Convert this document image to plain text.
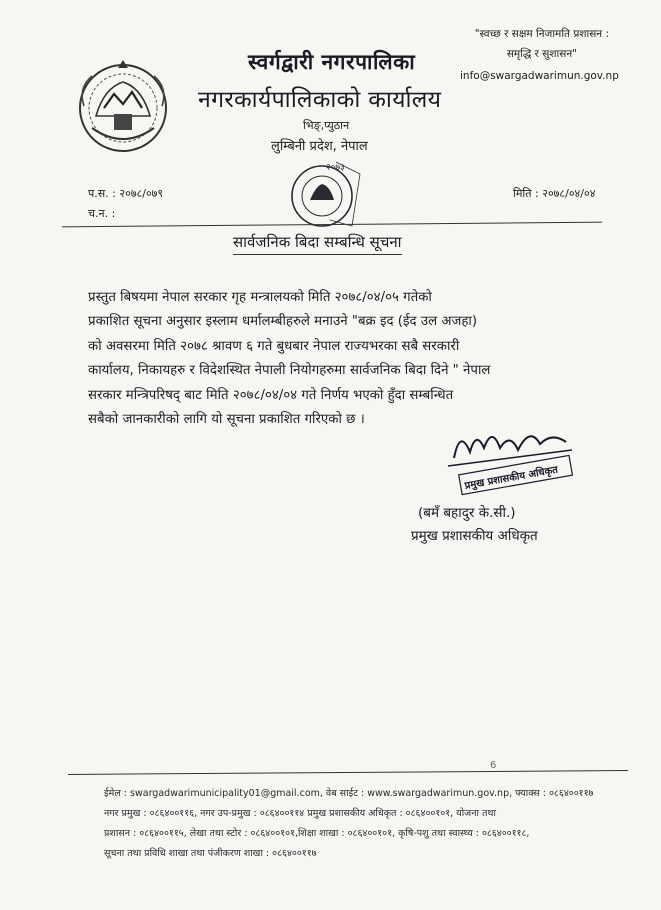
"स्वच्छ र सक्षम निजामति प्रशासन :
समृद्धि र सुशासन"
info@swargadwarimun.gov.np
स्वर्गद्वारी नगरपालिका
नगरकार्यपालिकाको कार्यालय
भिङ्‌,प्युठान
लुम्बिनी प्रदेश, नेपाल
२०७३
प.स. : २०७८/०७९
च.न. :
मिति : २०७८/०४/०४
सार्वजनिक बिदा सम्बन्धि सूचना
प्रस्तुत बिषयमा नेपाल सरकार गृह मन्त्रालयको मिति २०७८/०४/०५ गतेको
प्रकाशित सूचना अनुसार इस्लाम धर्मालम्बीहरुले मनाउने "बक्र इद (ईद उल अजहा)
को अवसरमा मिति २०७८ श्रावण ६ गते बुधबार नेपाल राज्यभरका सबै सरकारी
कार्यालय, निकायहरु र विदेशस्थित नेपाली नियोगहरुमा सार्वजनिक बिदा दिने " नेपाल
सरकार मन्त्रिपरिषद् बाट मिति २०७८/०४/०४ गते निर्णय भएको हुँदा सम्बन्धित
सबैको जानकारीको लागि यो सूचना प्रकाशित गरिएको छ ।
प्रमुख प्रशासकीय अधिकृत
(बमँ बहादुर के.सी.)
प्रमुख प्रशासकीय अधिकृत
6
ईमेल : swargadwarimunicipality01@gmail.com, वेब साईट : www.swargadwarimun.gov.np, फ्याक्स : ०८६४००११७
नगर प्रमुख : ०८६४००११६, नगर उप-प्रमुख : ०८६४००११४ प्रमुख प्रशासकीय अधिकृत : ०८६४००१०१, योजना तथा
प्रशासन : ०८६४००११५, लेखा तथा स्टोर : ०८६४००१०१,शिक्षा शाखा : ०८६४००१०१, कृषि-पशु तथा स्वास्थ्य : ०८६४००११८,
सूचना तथा प्रविधि शाखा तथा पंजीकरण शाखा : ०८६४००११७
